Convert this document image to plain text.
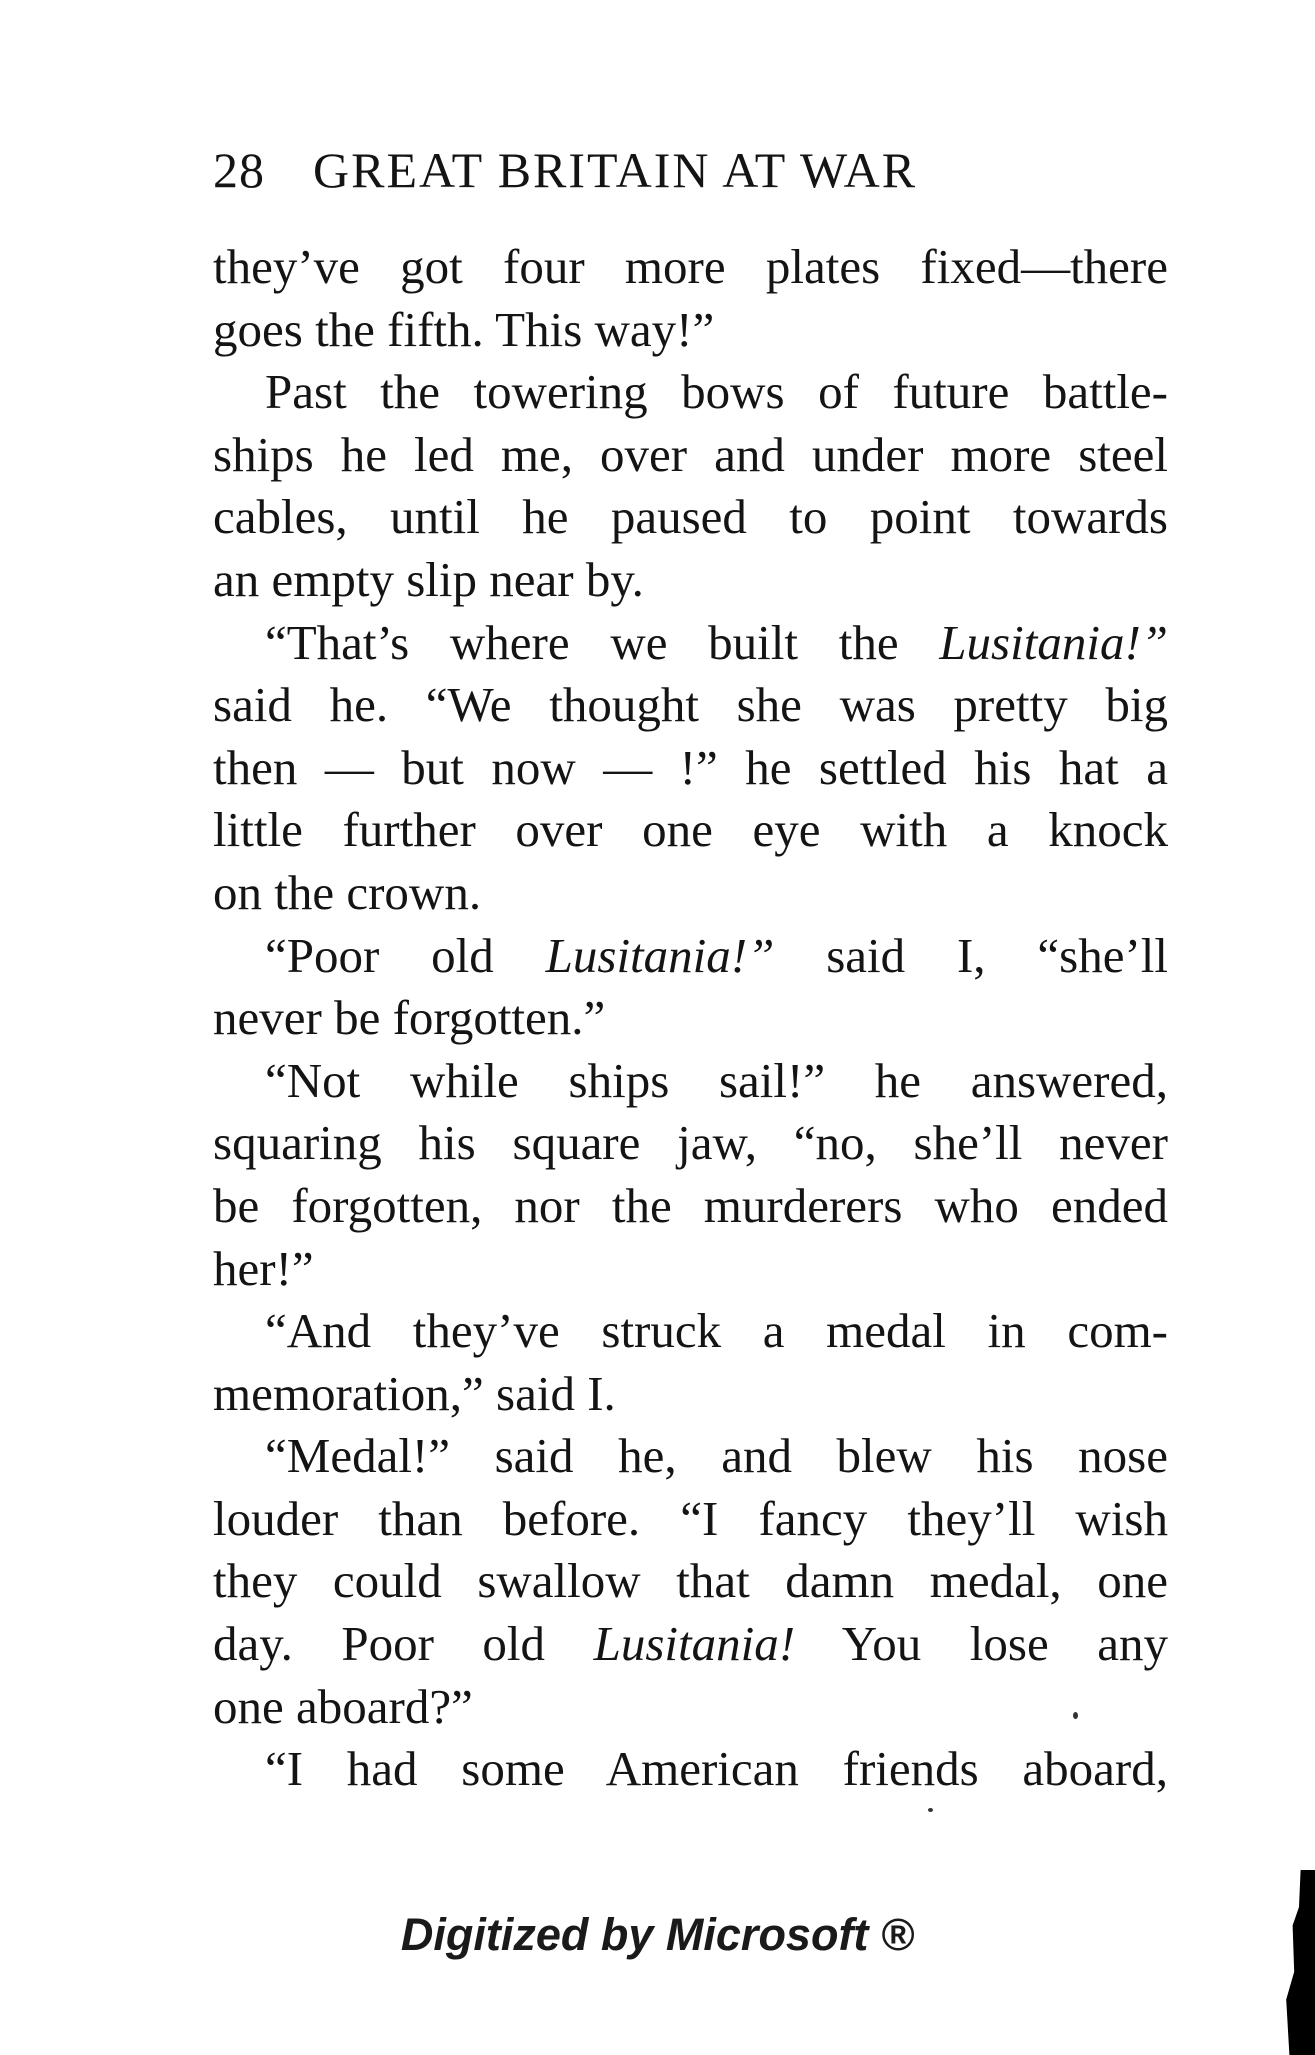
28 GREAT BRITAIN AT WAR
they’ve got four more plates fixed—there
goes the fifth. This way!”
Past the towering bows of future battle-
ships he led me, over and under more steel
cables, until he paused to point towards
an empty slip near by.
“That’s where we built the Lusitania!”
said he. “We thought she was pretty big
then — but now — !” he settled his hat a
little further over one eye with a knock
on the crown.
“Poor old Lusitania!” said I, “she’ll
never be forgotten.”
“Not while ships sail!” he answered,
squaring his square jaw, “no, she’ll never
be forgotten, nor the murderers who ended
her!”
“And they’ve struck a medal in com-
memoration,” said I.
“Medal!” said he, and blew his nose
louder than before. “I fancy they’ll wish
they could swallow that damn medal, one
day. Poor old Lusitania! You lose any
one aboard?”
“I had some American friends aboard,
Digitized by Microsoft ®
